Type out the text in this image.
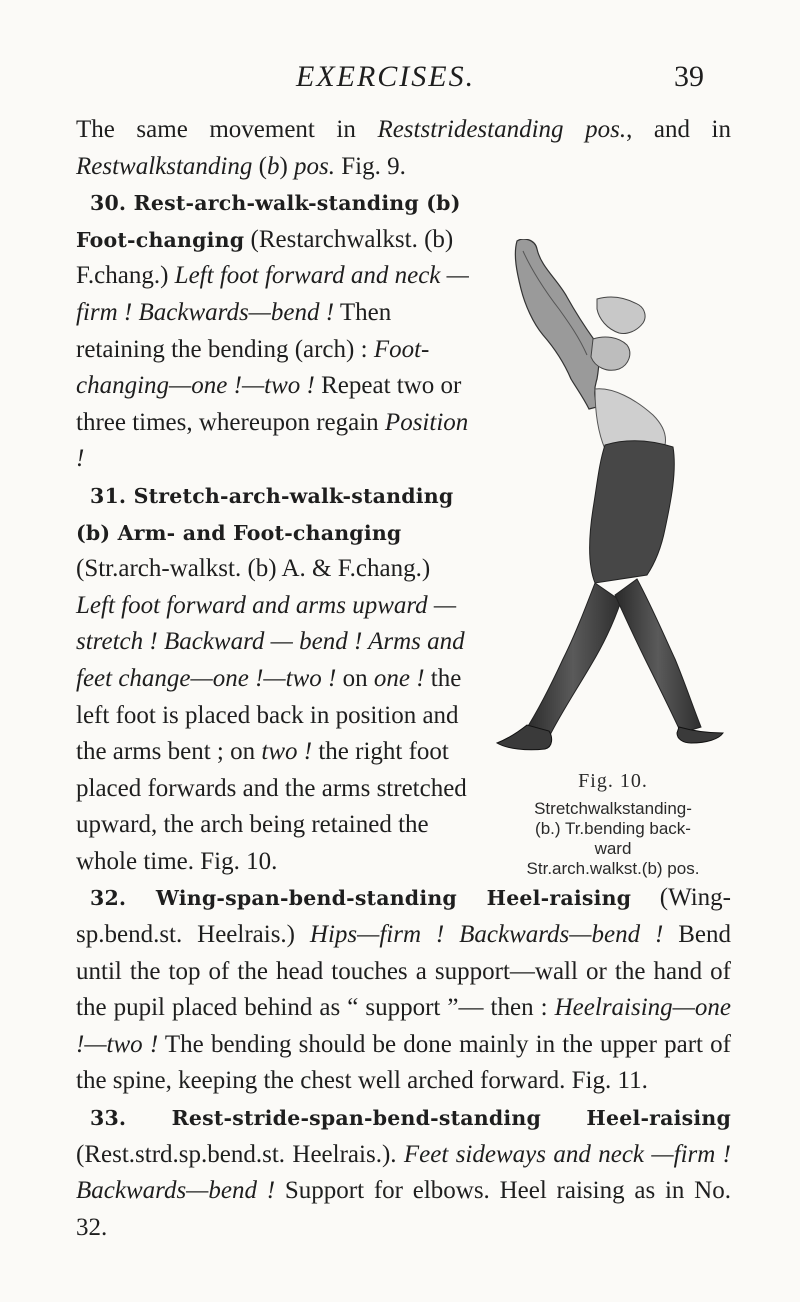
EXERCISES.	39

The same movement in Reststridestanding pos., and in Restwalkstanding (b) pos. Fig. 9.

Fig. 10.
Stretchwalkstanding-
(b.) Tr.bending back-
ward
Str.arch.walkst.(b) pos.

30. Rest-arch-walk-standing (b) Foot-changing (Restarchwalkst. (b) F.chang.) Left foot forward and neck —firm ! Backwards—bend ! Then retaining the bending (arch) : Foot-changing—one !—two ! Repeat two or three times, whereupon regain Position !

31. Stretch-arch-walk-standing (b) Arm- and Foot-changing (Str.arch-walkst. (b) A. & F.chang.) Left foot forward and arms upward — stretch ! Backward — bend ! Arms and feet change—one !—two ! on one ! the left foot is placed back in position and the arms bent ; on two ! the right foot placed forwards and the arms stretched upward, the arch being retained the whole time. Fig. 10.

32. Wing-span-bend-standing Heel-raising (Wing-sp.bend.st. Heelrais.) Hips—firm ! Backwards—bend ! Bend until the top of the head touches a support—wall or the hand of the pupil placed behind as “ support ”— then : Heelraising—one !—two ! The bending should be done mainly in the upper part of the spine, keeping the chest well arched forward. Fig. 11.

33. Rest-stride-span-bend-standing Heel-raising (Rest.strd.sp.bend.st. Heelrais.). Feet sideways and neck —firm ! Backwards—bend ! Support for elbows. Heel raising as in No. 32.
